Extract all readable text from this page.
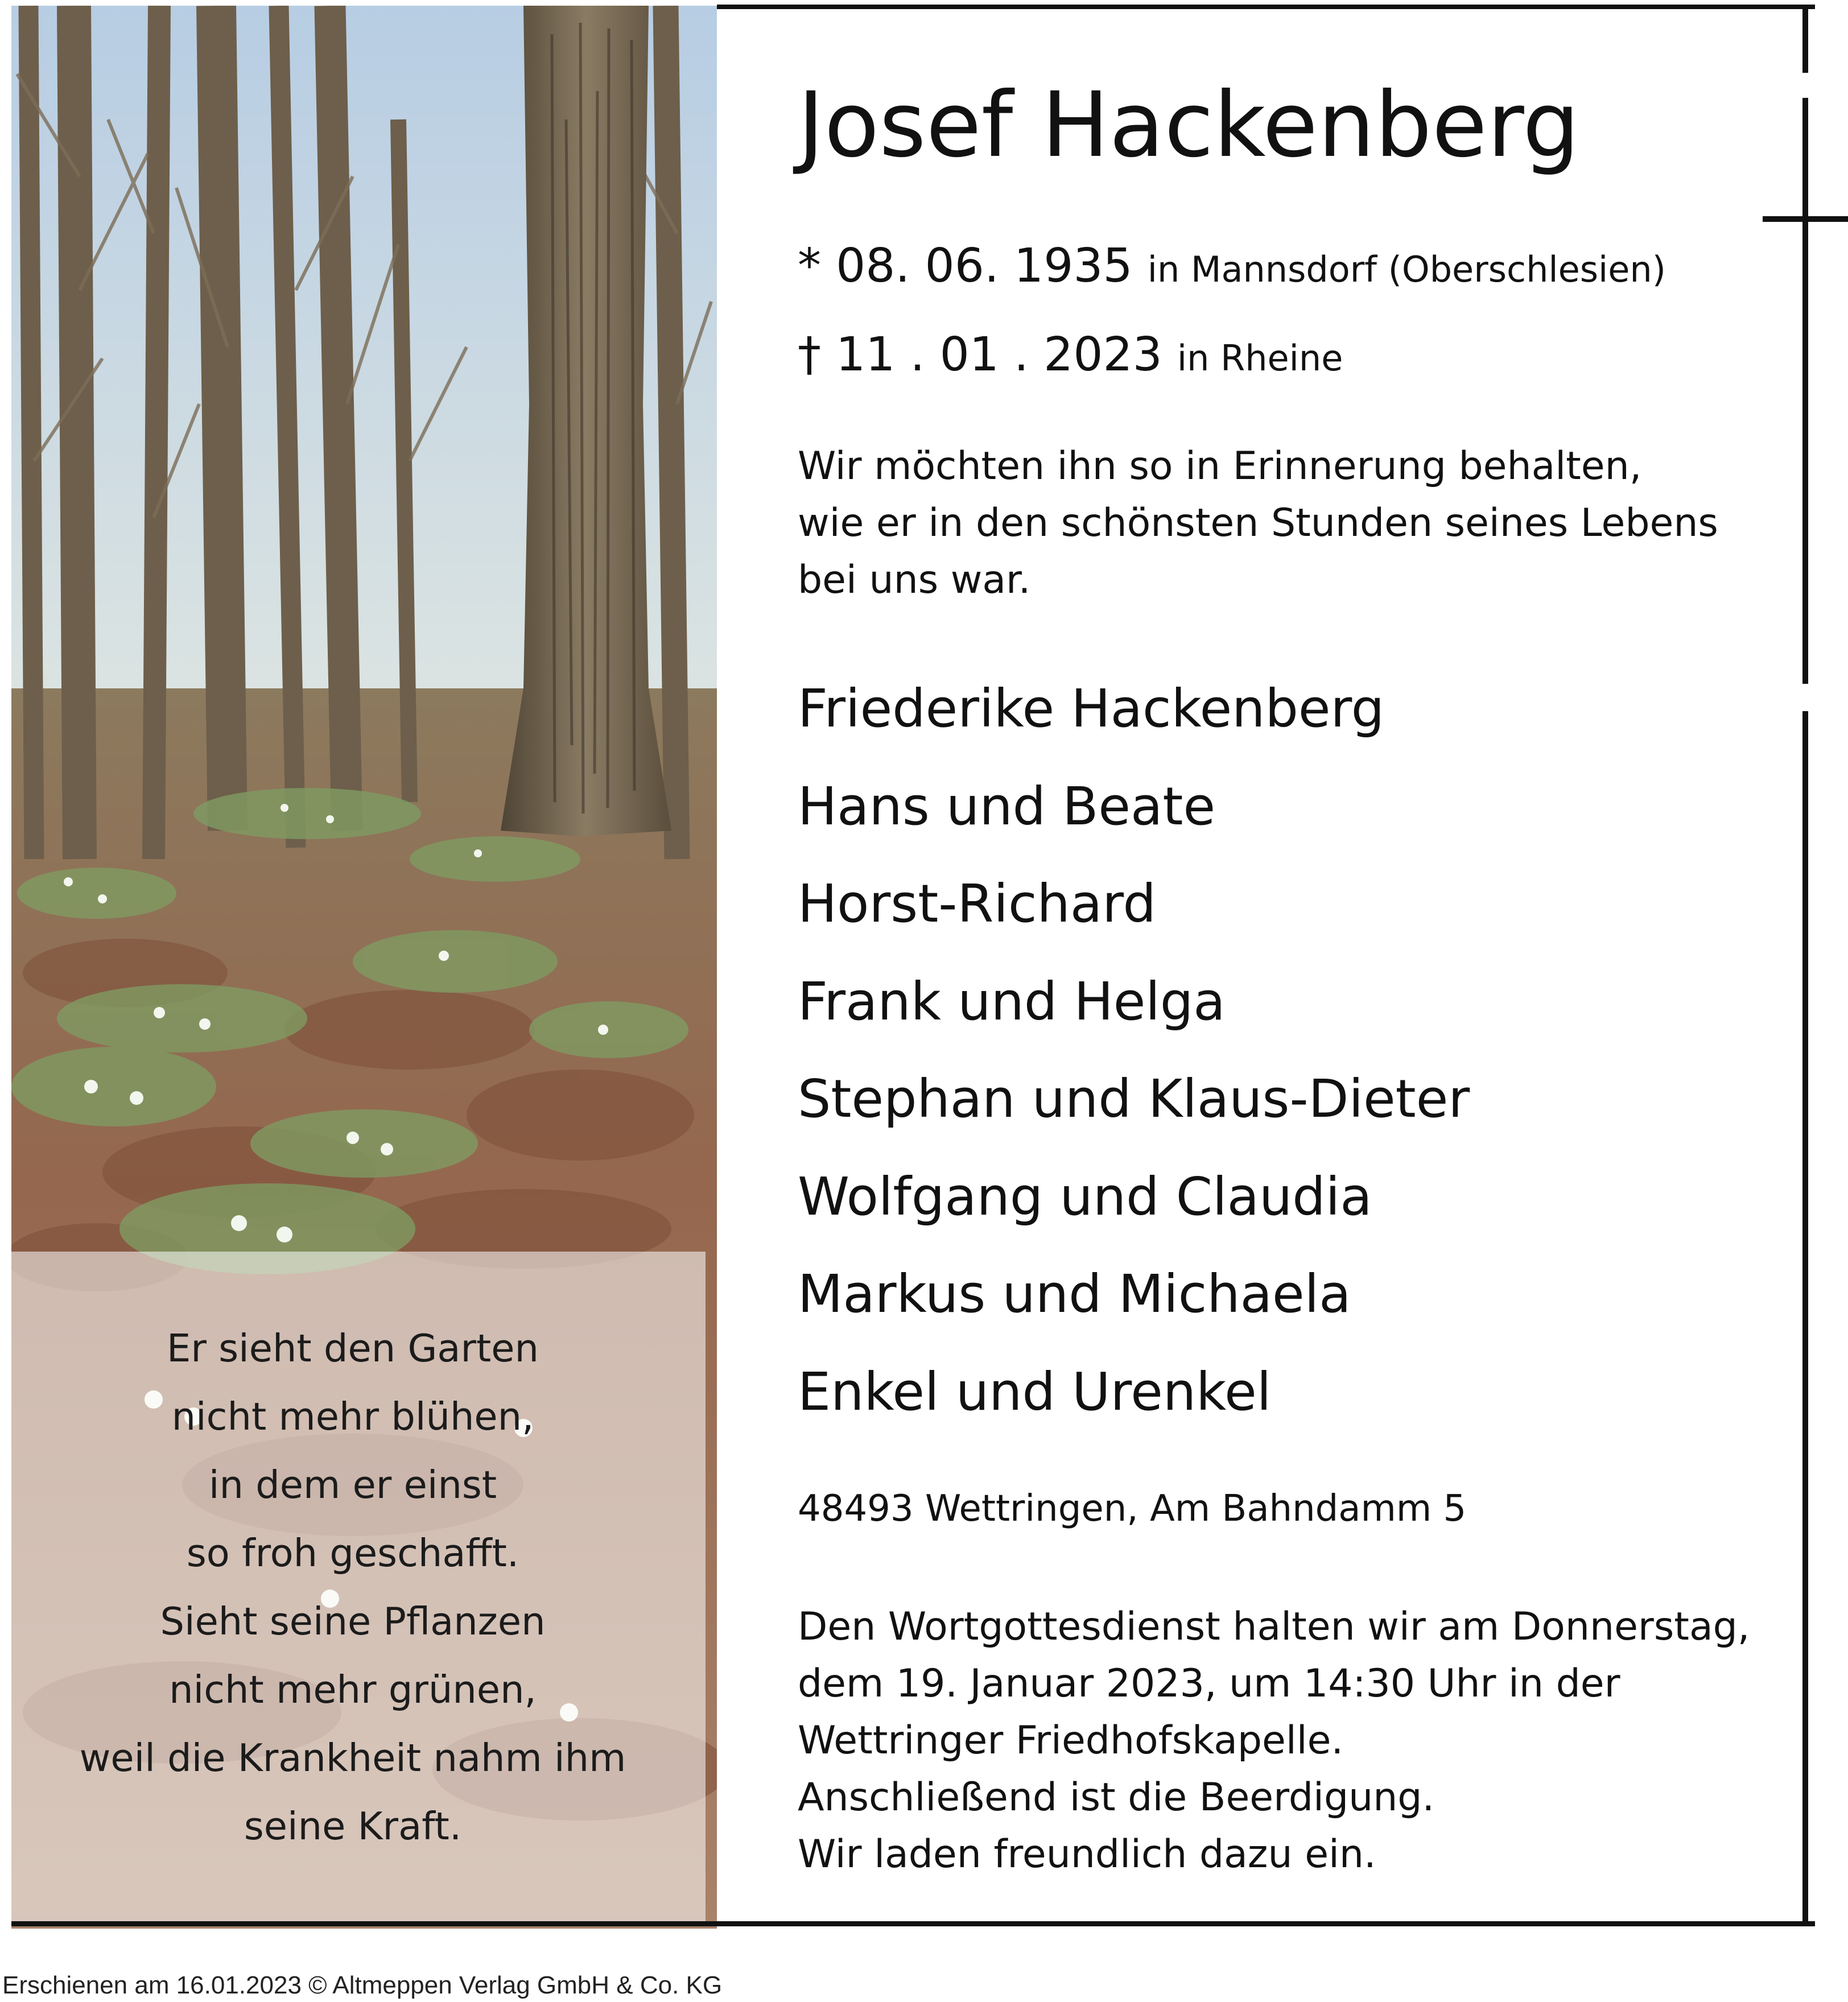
Er sieht den Garten
nicht mehr blühen,
in dem er einst
so froh geschafft.
Sieht seine Pflanzen
nicht mehr grünen,
weil die Krankheit nahm ihm
seine Kraft.
Josef Hackenberg
* 08. 06. 1935 in Mannsdorf (Oberschlesien)
† 11 . 01 . 2023 in Rheine
Wir möchten ihn so in Erinnerung behalten,
wie er in den schönsten Stunden seines Lebens
bei uns war.
Friederike Hackenberg
Hans und Beate
Horst-Richard
Frank und Helga
Stephan und Klaus-Dieter
Wolfgang und Claudia
Markus und Michaela
Enkel und Urenkel
48493 Wettringen, Am Bahndamm 5
Den Wortgottesdienst halten wir am Donnerstag,
dem 19. Januar 2023, um 14:30 Uhr in der
Wettringer Friedhofskapelle.
Anschließend ist die Beerdigung.
Wir laden freundlich dazu ein.
Erschienen am 16.01.2023 © Altmeppen Verlag GmbH & Co. KG
